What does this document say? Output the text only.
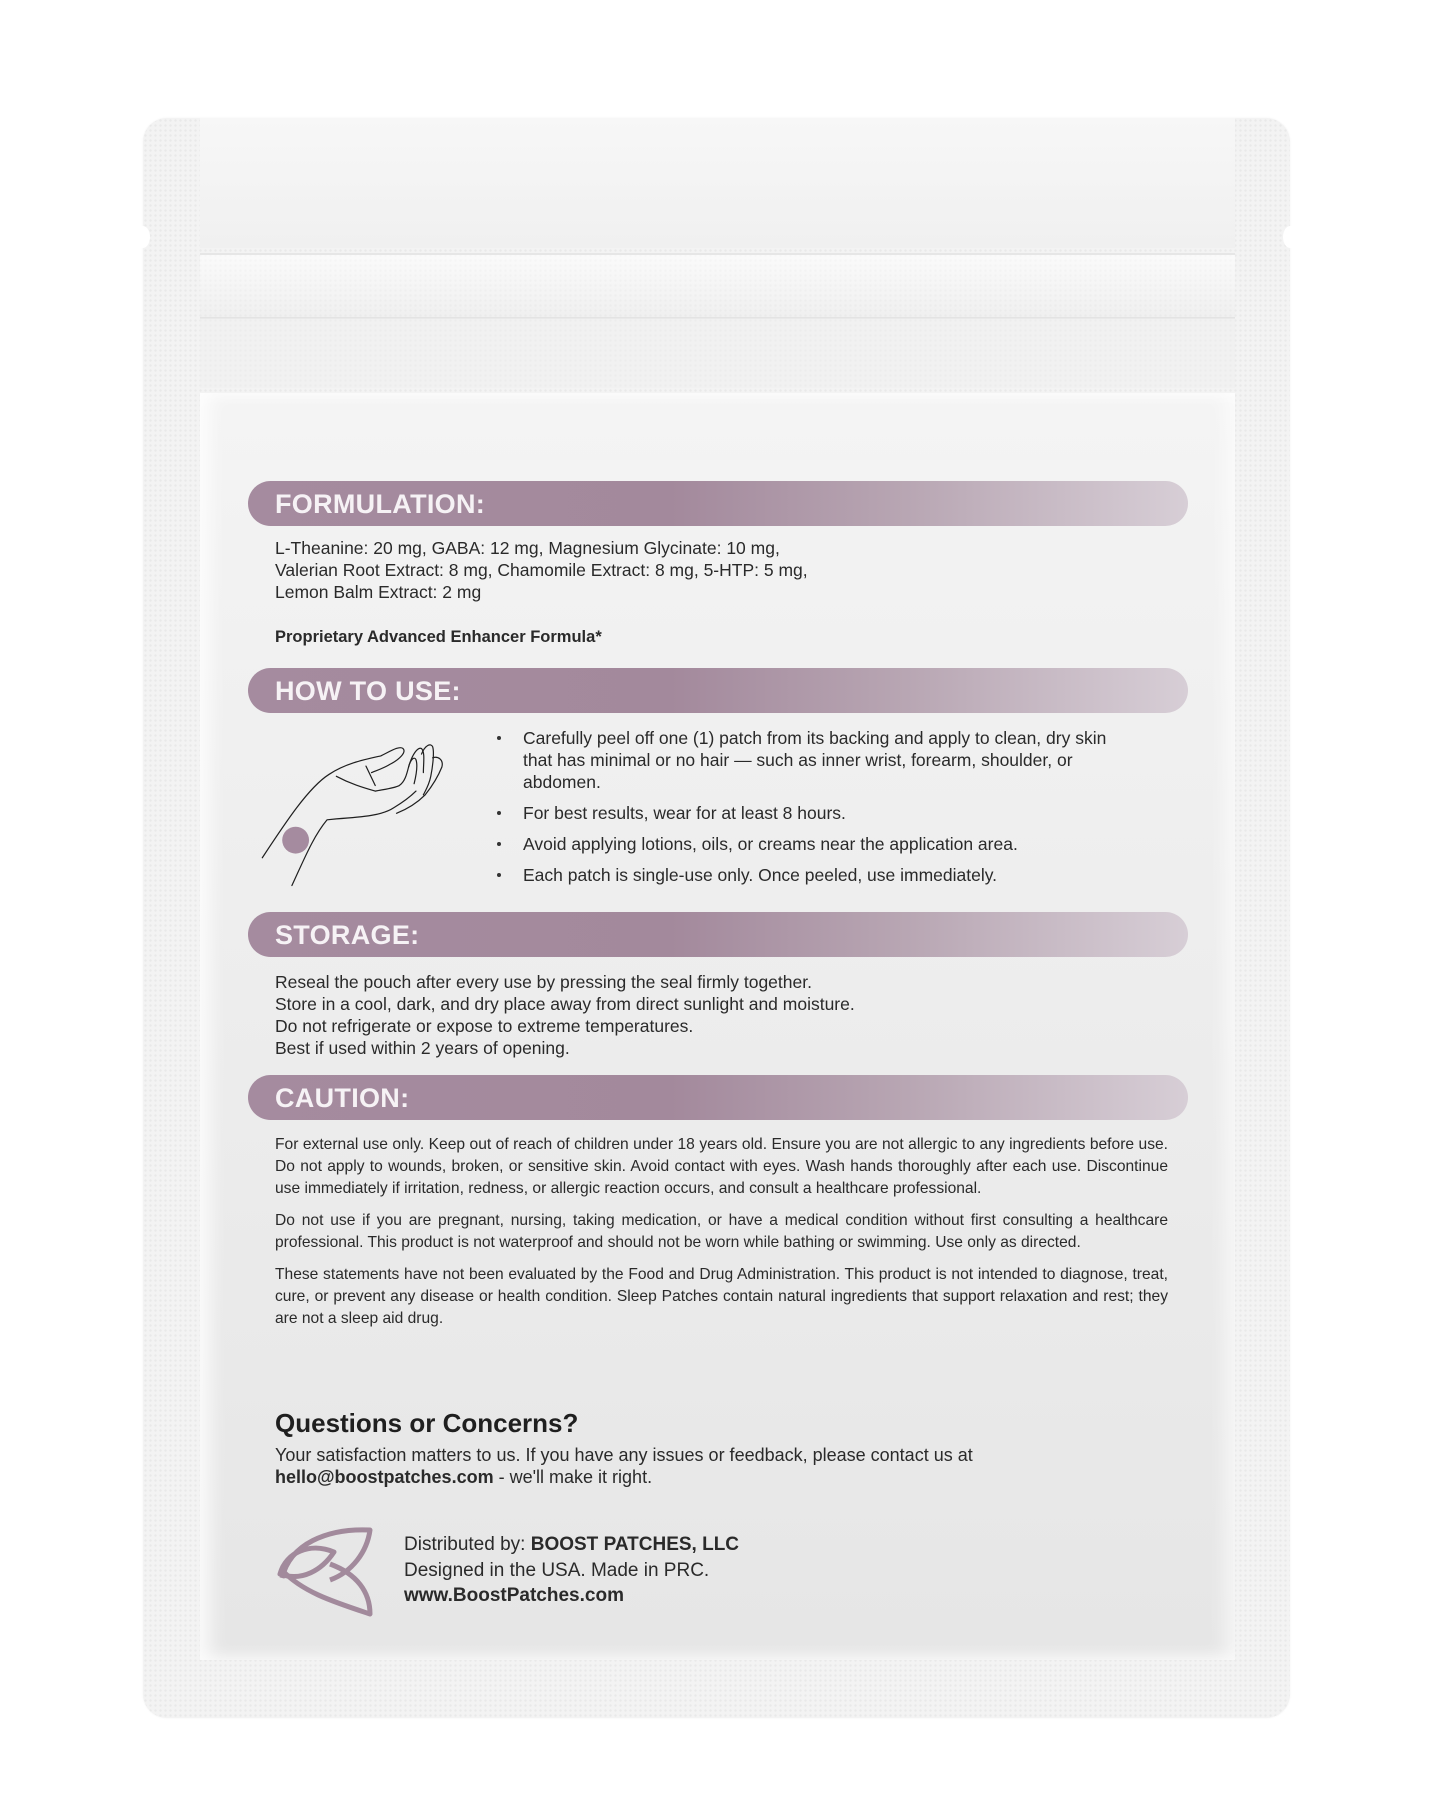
FORMULATION:
L-Theanine: 20 mg, GABA: 12 mg, Magnesium Glycinate: 10 mg,
Valerian Root Extract: 8 mg, Chamomile Extract: 8 mg, 5-HTP: 5 mg,
Lemon Balm Extract: 2 mg
Proprietary Advanced Enhancer Formula*
HOW TO USE:
Carefully peel off one (1) patch from its backing and apply to clean, dry skin that has minimal or no hair — such as inner wrist, forearm, shoulder, or abdomen.
For best results, wear for at least 8 hours.
Avoid applying lotions, oils, or creams near the application area.
Each patch is single-use only. Once peeled, use immediately.
STORAGE:
Reseal the pouch after every use by pressing the seal firmly together.
Store in a cool, dark, and dry place away from direct sunlight and moisture.
Do not refrigerate or expose to extreme temperatures.
Best if used within 2 years of opening.
CAUTION:

For external use only. Keep out of reach of children under 18 years old. Ensure you are not allergic to any ingredients before use. Do not apply to wounds, broken, or sensitive skin. Avoid contact with eyes. Wash hands thoroughly after each use. Discontinue use immediately if irritation, redness, or allergic reaction occurs, and consult a healthcare professional.

Do not use if you are pregnant, nursing, taking medication, or have a medical condition without first consulting a healthcare professional. This product is not waterproof and should not be worn while bathing or swimming. Use only as directed.

These statements have not been evaluated by the Food and Drug Administration. This product is not intended to diagnose, treat, cure, or prevent any disease or health condition. Sleep Patches contain natural ingredients that support relaxation and rest; they are not a sleep aid drug.

Questions or Concerns?
Your satisfaction matters to us. If you have any issues or feedback, please contact us at
hello@boostpatches.com - we'll make it right.
Distributed by: BOOST PATCHES, LLC
Designed in the USA. Made in PRC.
www.BoostPatches.com
